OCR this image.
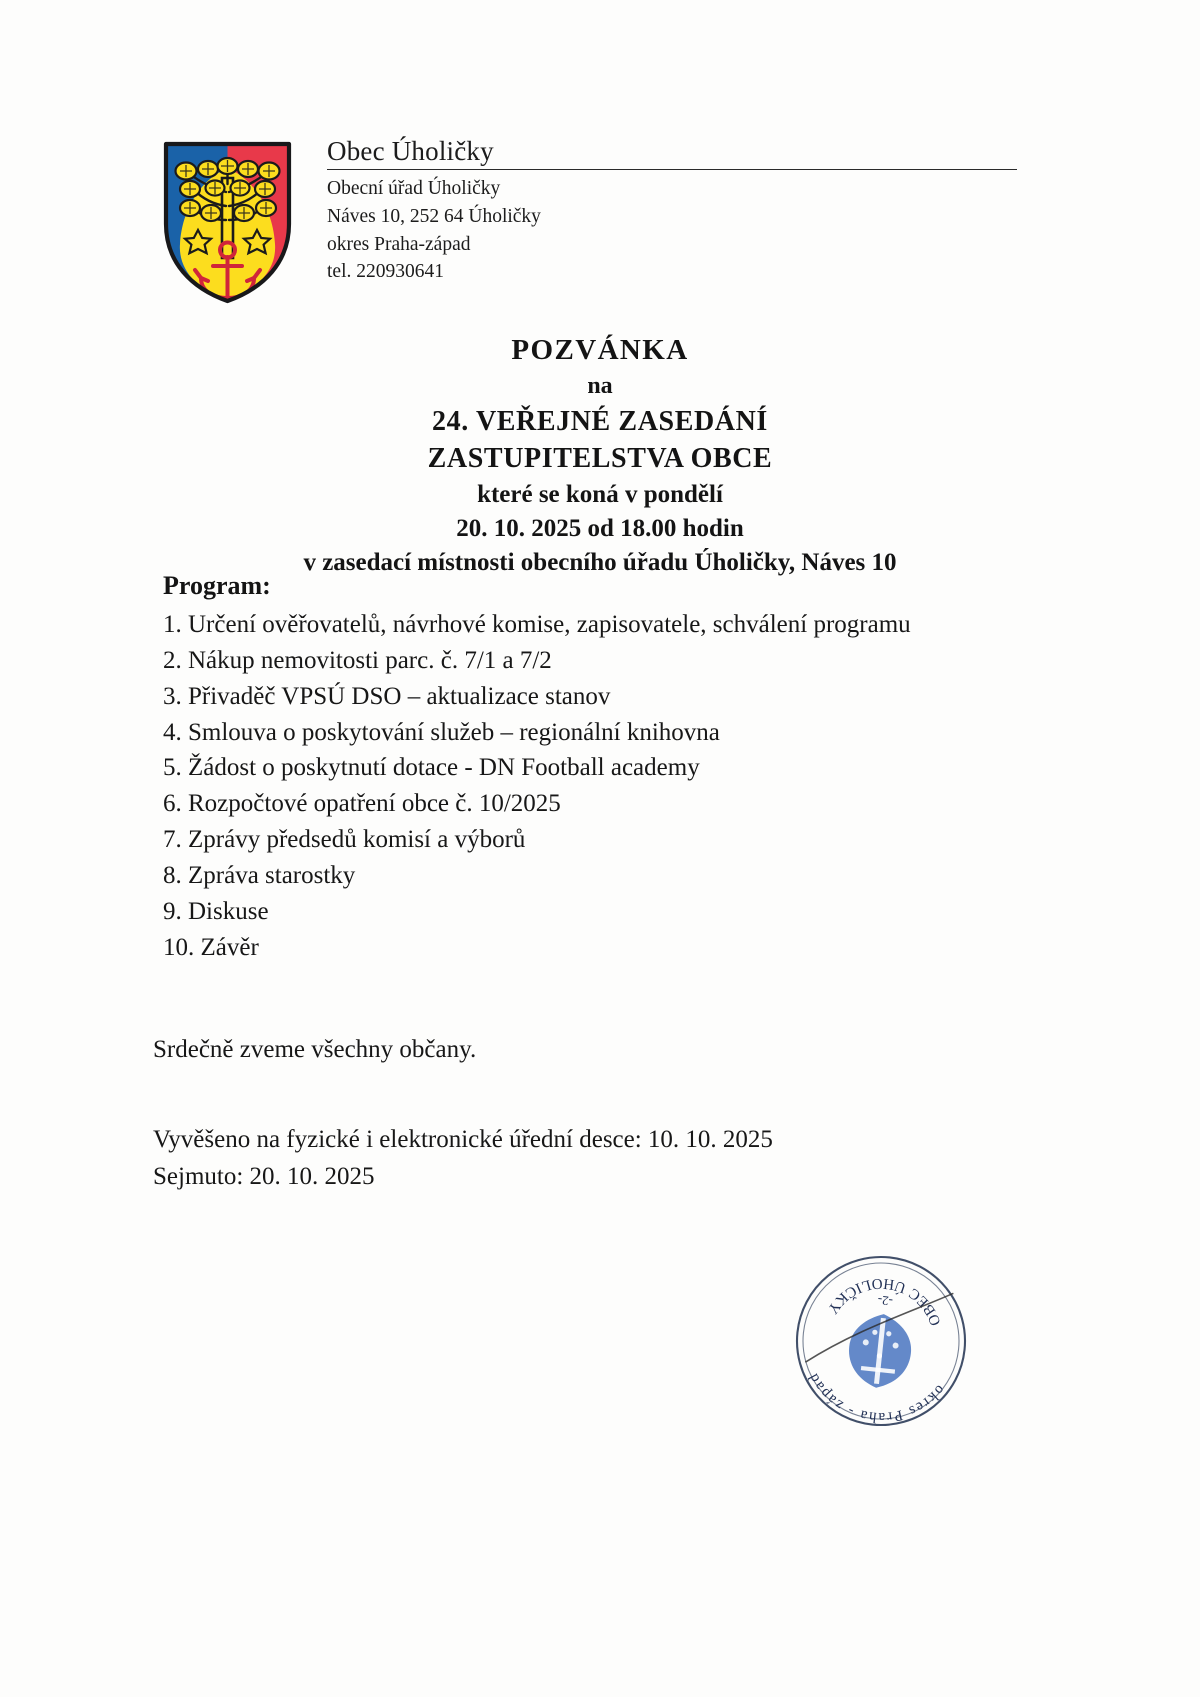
Obec Úholičky
Obecní úřad Úholičky
Náves 10, 252 64 Úholičky
okres Praha-západ
tel. 220930641
POZVÁNKA
na
24. VEŘEJNÉ ZASEDÁNÍ
ZASTUPITELSTVA OBCE
které se koná v pondělí
20. 10. 2025 od 18.00 hodin
v zasedací místnosti obecního úřadu Úholičky, Náves 10
Program:
1. Určení ověřovatelů, návrhové komise, zapisovatele, schválení programu
2. Nákup nemovitosti parc. č. 7/1 a 7/2
3. Přivaděč VPSÚ DSO – aktualizace stanov
4. Smlouva o poskytování služeb – regionální knihovna
5. Žádost o poskytnutí dotace - DN Football academy
6. Rozpočtové opatření obce č. 10/2025
7. Zprávy předsedů komisí a výborů
8. Zpráva starostky
9. Diskuse
10. Závěr
Srdečně zveme všechny občany.
Vyvěšeno na fyzické i elektronické úřední desce: 10. 10. 2025
Sejmuto: 20. 10. 2025
okres Praha - západ
OBEC ÚHOLIČKY	-2-
